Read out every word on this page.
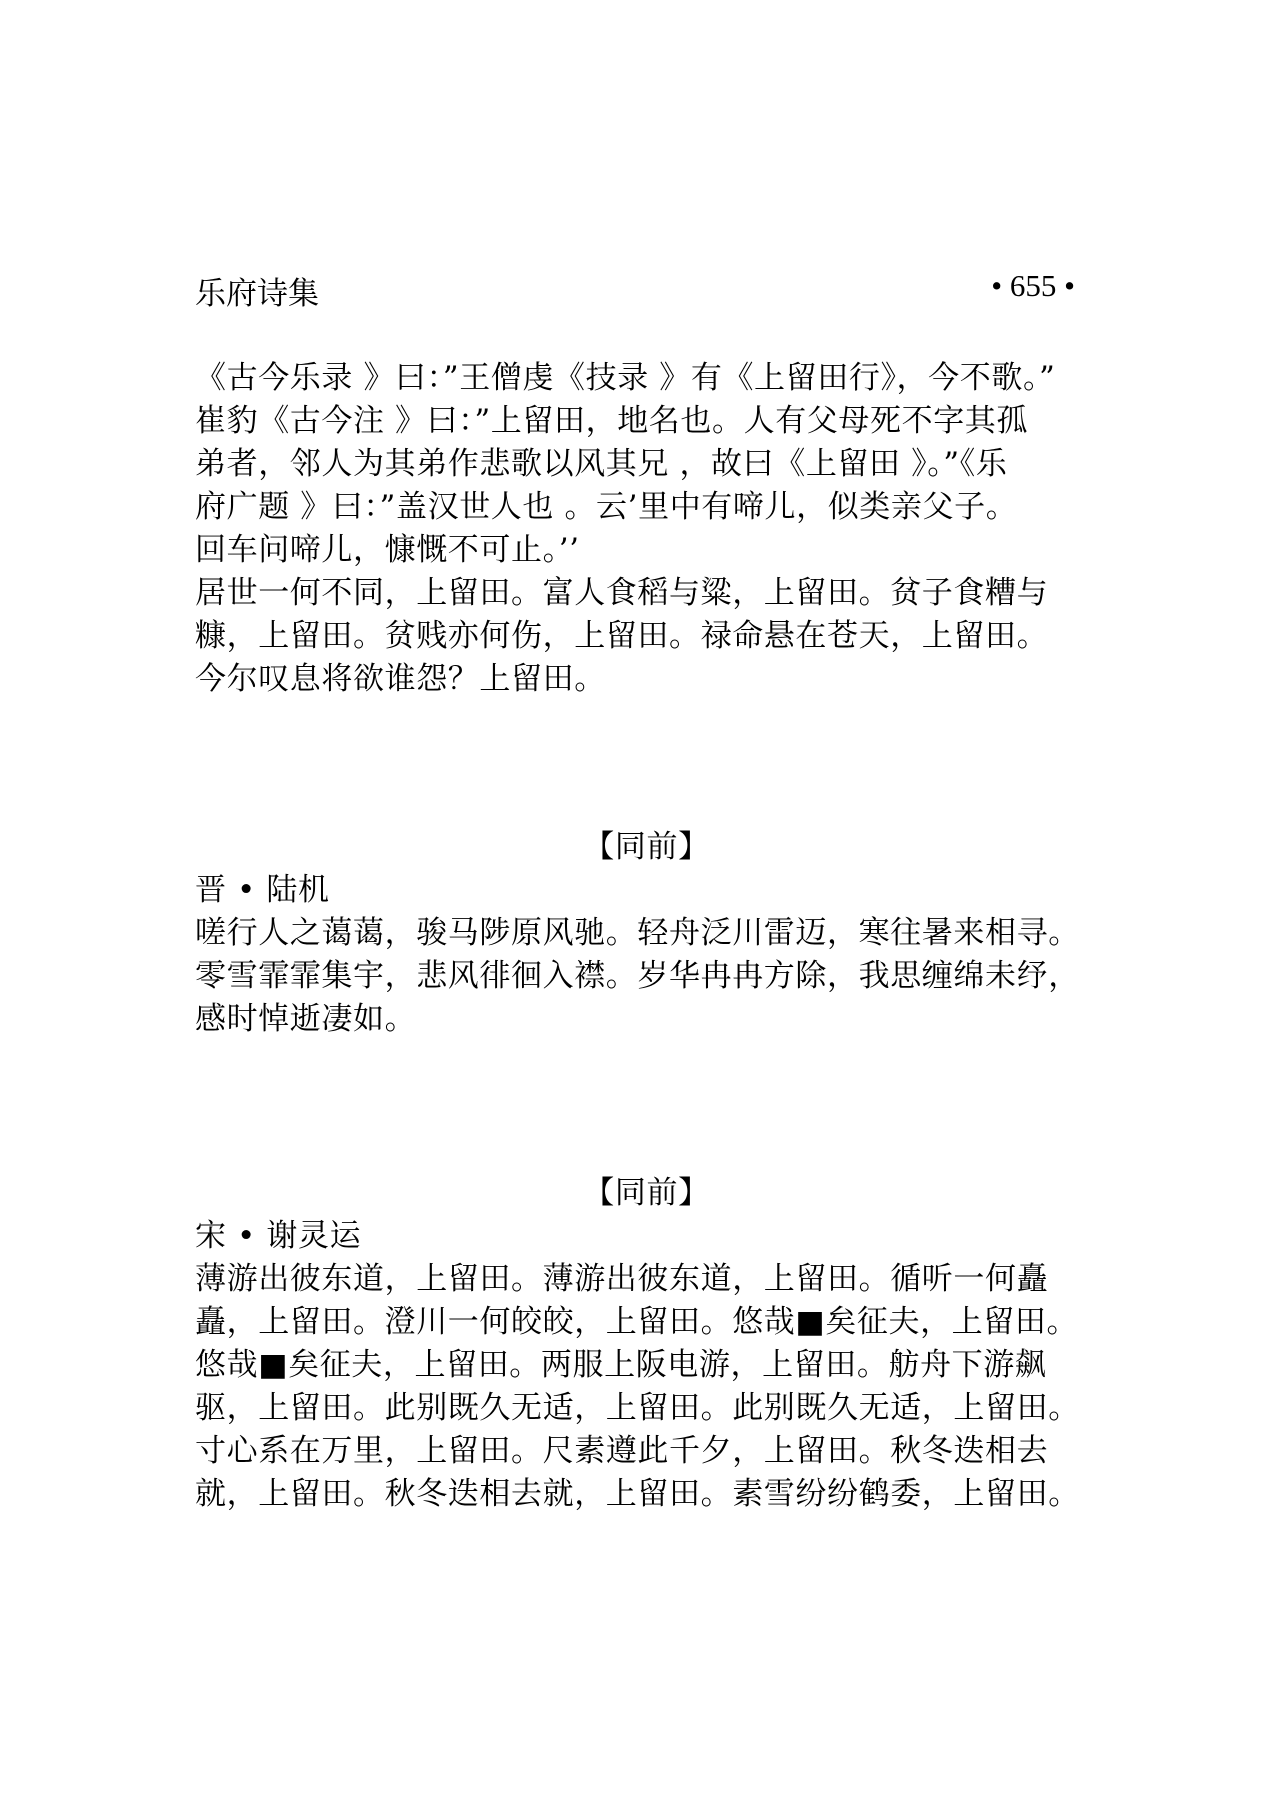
乐府诗集	• 655 •
《古今乐录 》曰：”王僧虔《技录 》有《上留田行》，今不歌。”
崔豹《古今注 》曰：”上留田，地名也。人有父母死不字其孤
弟者，邻人为其弟作悲歌以风其兄 ，故曰《上留田 》。”《乐
府广题 》曰：”盖汉世人也 。云’里中有啼儿，似类亲父子。
回车问啼儿，慷慨不可止。’’
居世一何不同，上留田。富人食稻与粱，上留田。贫子食糟与
糠，上留田。贫贱亦何伤，上留田。禄命悬在苍天，上留田。
今尔叹息将欲谁怨？上留田。
【同前】
晋 • 陆机
嗟行人之蔼蔼，骏马陟原风驰。轻舟泛川雷迈，寒往暑来相寻。
零雪霏霏集宇，悲风徘徊入襟。岁华冉冉方除，我思缠绵未纾，
感时悼逝凄如。
【同前】
宋 • 谢灵运
薄游出彼东道，上留田。薄游出彼东道，上留田。循听一何矗
矗，上留田。澄川一何皎皎，上留田。悠哉■矣征夫，上留田。
悠哉■矣征夫，上留田。两服上阪电游，上留田。舫舟下游飙
驱，上留田。此别既久无适，上留田。此别既久无适，上留田。
寸心系在万里，上留田。尺素遵此千夕，上留田。秋冬迭相去
就，上留田。秋冬迭相去就，上留田。素雪纷纷鹤委，上留田。
